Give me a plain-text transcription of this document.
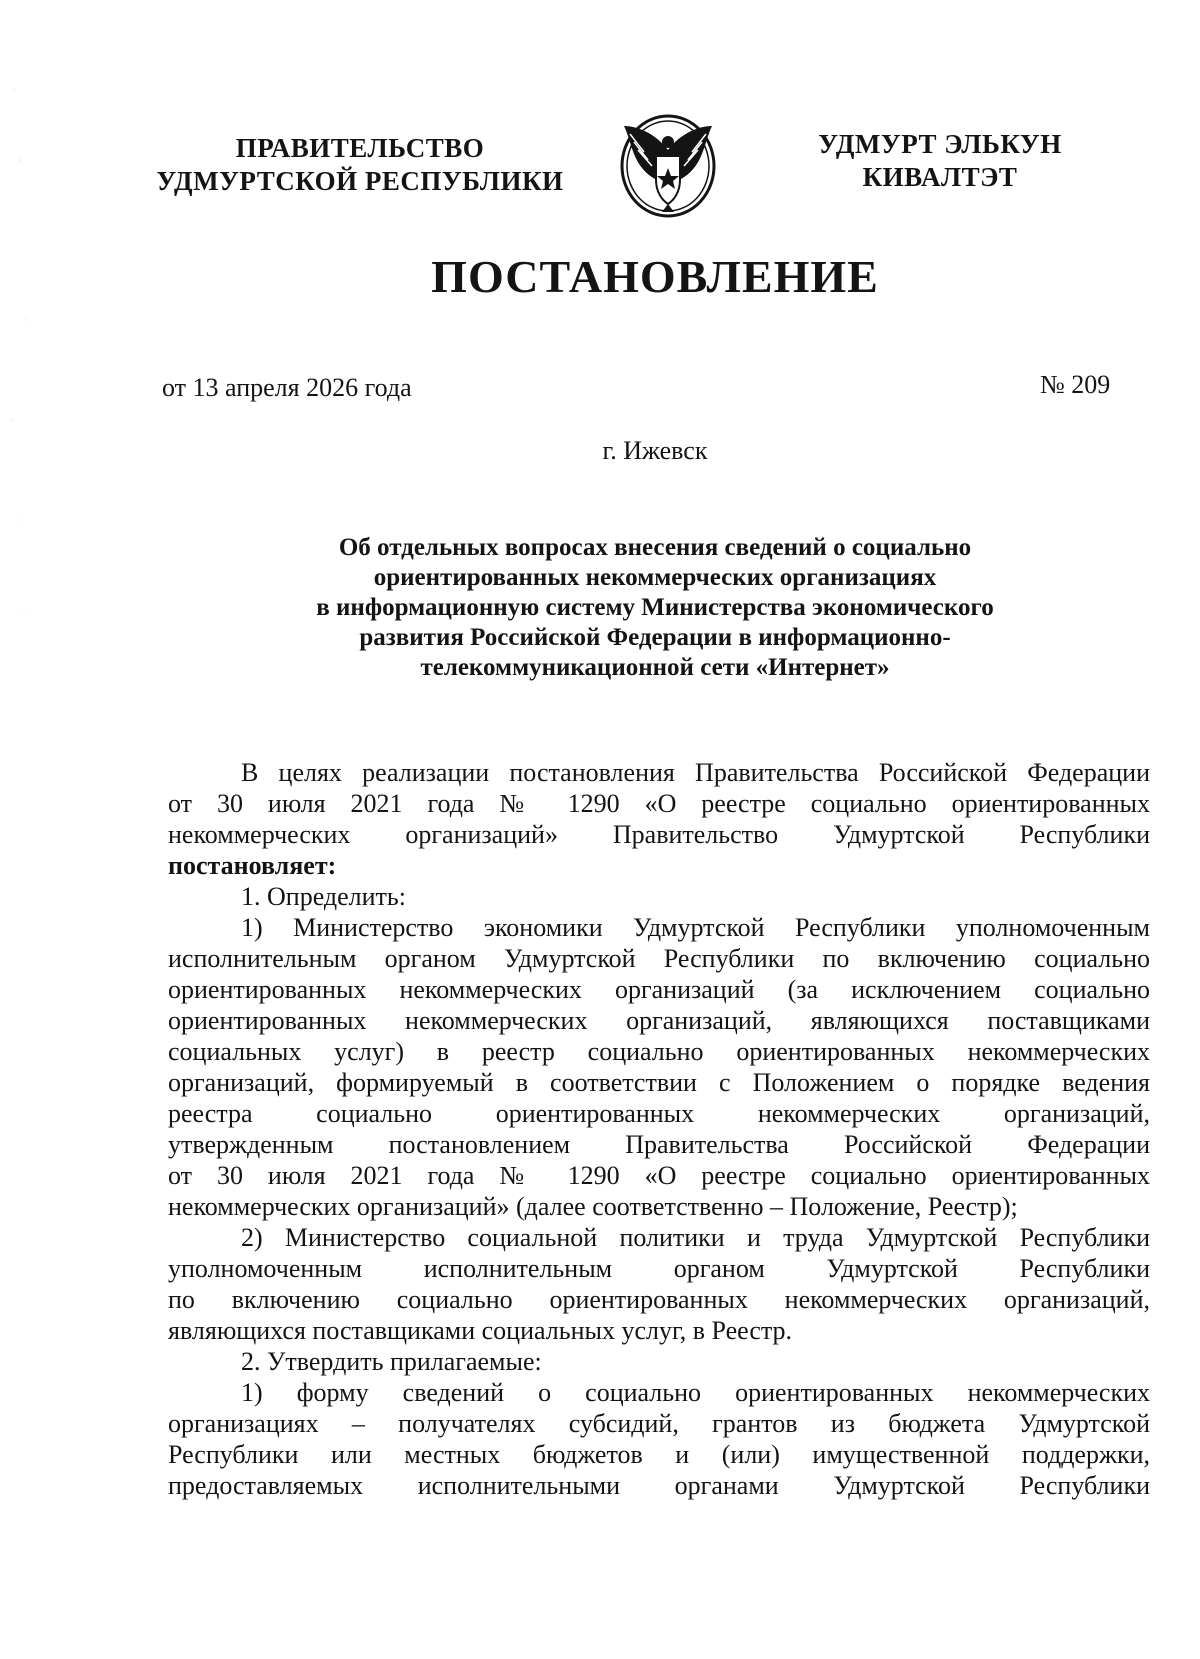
ПРАВИТЕЛЬСТВО
УДМУРТСКОЙ РЕСПУБЛИКИ
УДМУРТ ЭЛЬКУН
КИВАЛТЭТ
ПОСТАНОВЛЕНИЕ
от 13 апреля 2026 года	№ 209
г. Ижевск
Об отдельных вопросах внесения сведений о социально
ориентированных некоммерческих организациях
в информационную систему Министерства экономического
развития Российской Федерации в информационно-
телекоммуникационной сети «Интернет»
В целях реализации постановления Правительства Российской Федерации
от 30 июля 2021 года № 1290 «О реестре социально ориентированных
некоммерческих организаций» Правительство Удмуртской Республики
постановляет:
1. Определить:
1) Министерство экономики Удмуртской Республики уполномоченным
исполнительным органом Удмуртской Республики по включению социально
ориентированных некоммерческих организаций (за исключением социально
ориентированных некоммерческих организаций, являющихся поставщиками
социальных услуг) в реестр социально ориентированных некоммерческих
организаций, формируемый в соответствии с Положением о порядке ведения
реестра социально ориентированных некоммерческих организаций,
утвержденным постановлением Правительства Российской Федерации
от 30 июля 2021 года № 1290 «О реестре социально ориентированных
некоммерческих организаций» (далее соответственно – Положение, Реестр);
2) Министерство социальной политики и труда Удмуртской Республики
уполномоченным исполнительным органом Удмуртской Республики
по включению социально ориентированных некоммерческих организаций,
являющихся поставщиками социальных услуг, в Реестр.
2. Утвердить прилагаемые:
1) форму сведений о социально ориентированных некоммерческих
организациях – получателях субсидий, грантов из бюджета Удмуртской
Республики или местных бюджетов и (или) имущественной поддержки,
предоставляемых исполнительными органами Удмуртской Республики
